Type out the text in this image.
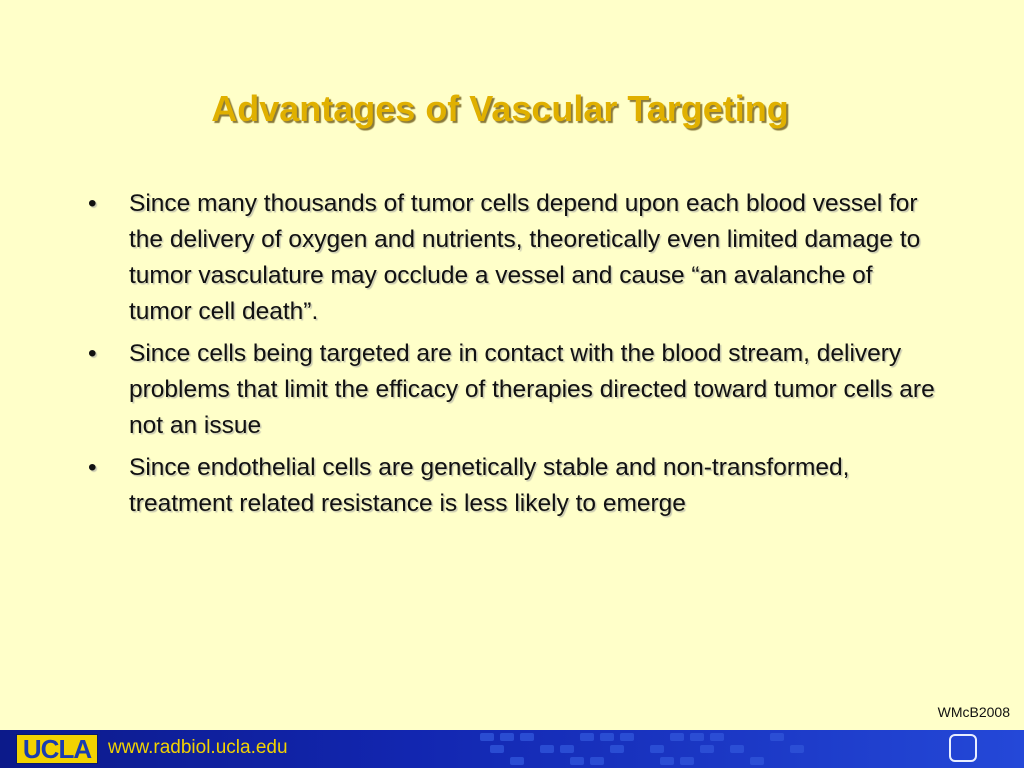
Advantages of Vascular Targeting
• Since many thousands of tumor cells depend upon each blood vessel for the delivery of oxygen and nutrients, theoretically even limited damage to tumor vasculature may occlude a vessel and cause “an avalanche of tumor cell death”.
• Since cells being targeted are in contact with the blood stream, delivery problems that limit the efficacy of therapies directed toward tumor cells are not an issue
• Since endothelial cells are genetically stable and non-transformed, treatment related resistance is less likely to emerge
WMcB2008
UCLA www.radbiol.ucla.edu
